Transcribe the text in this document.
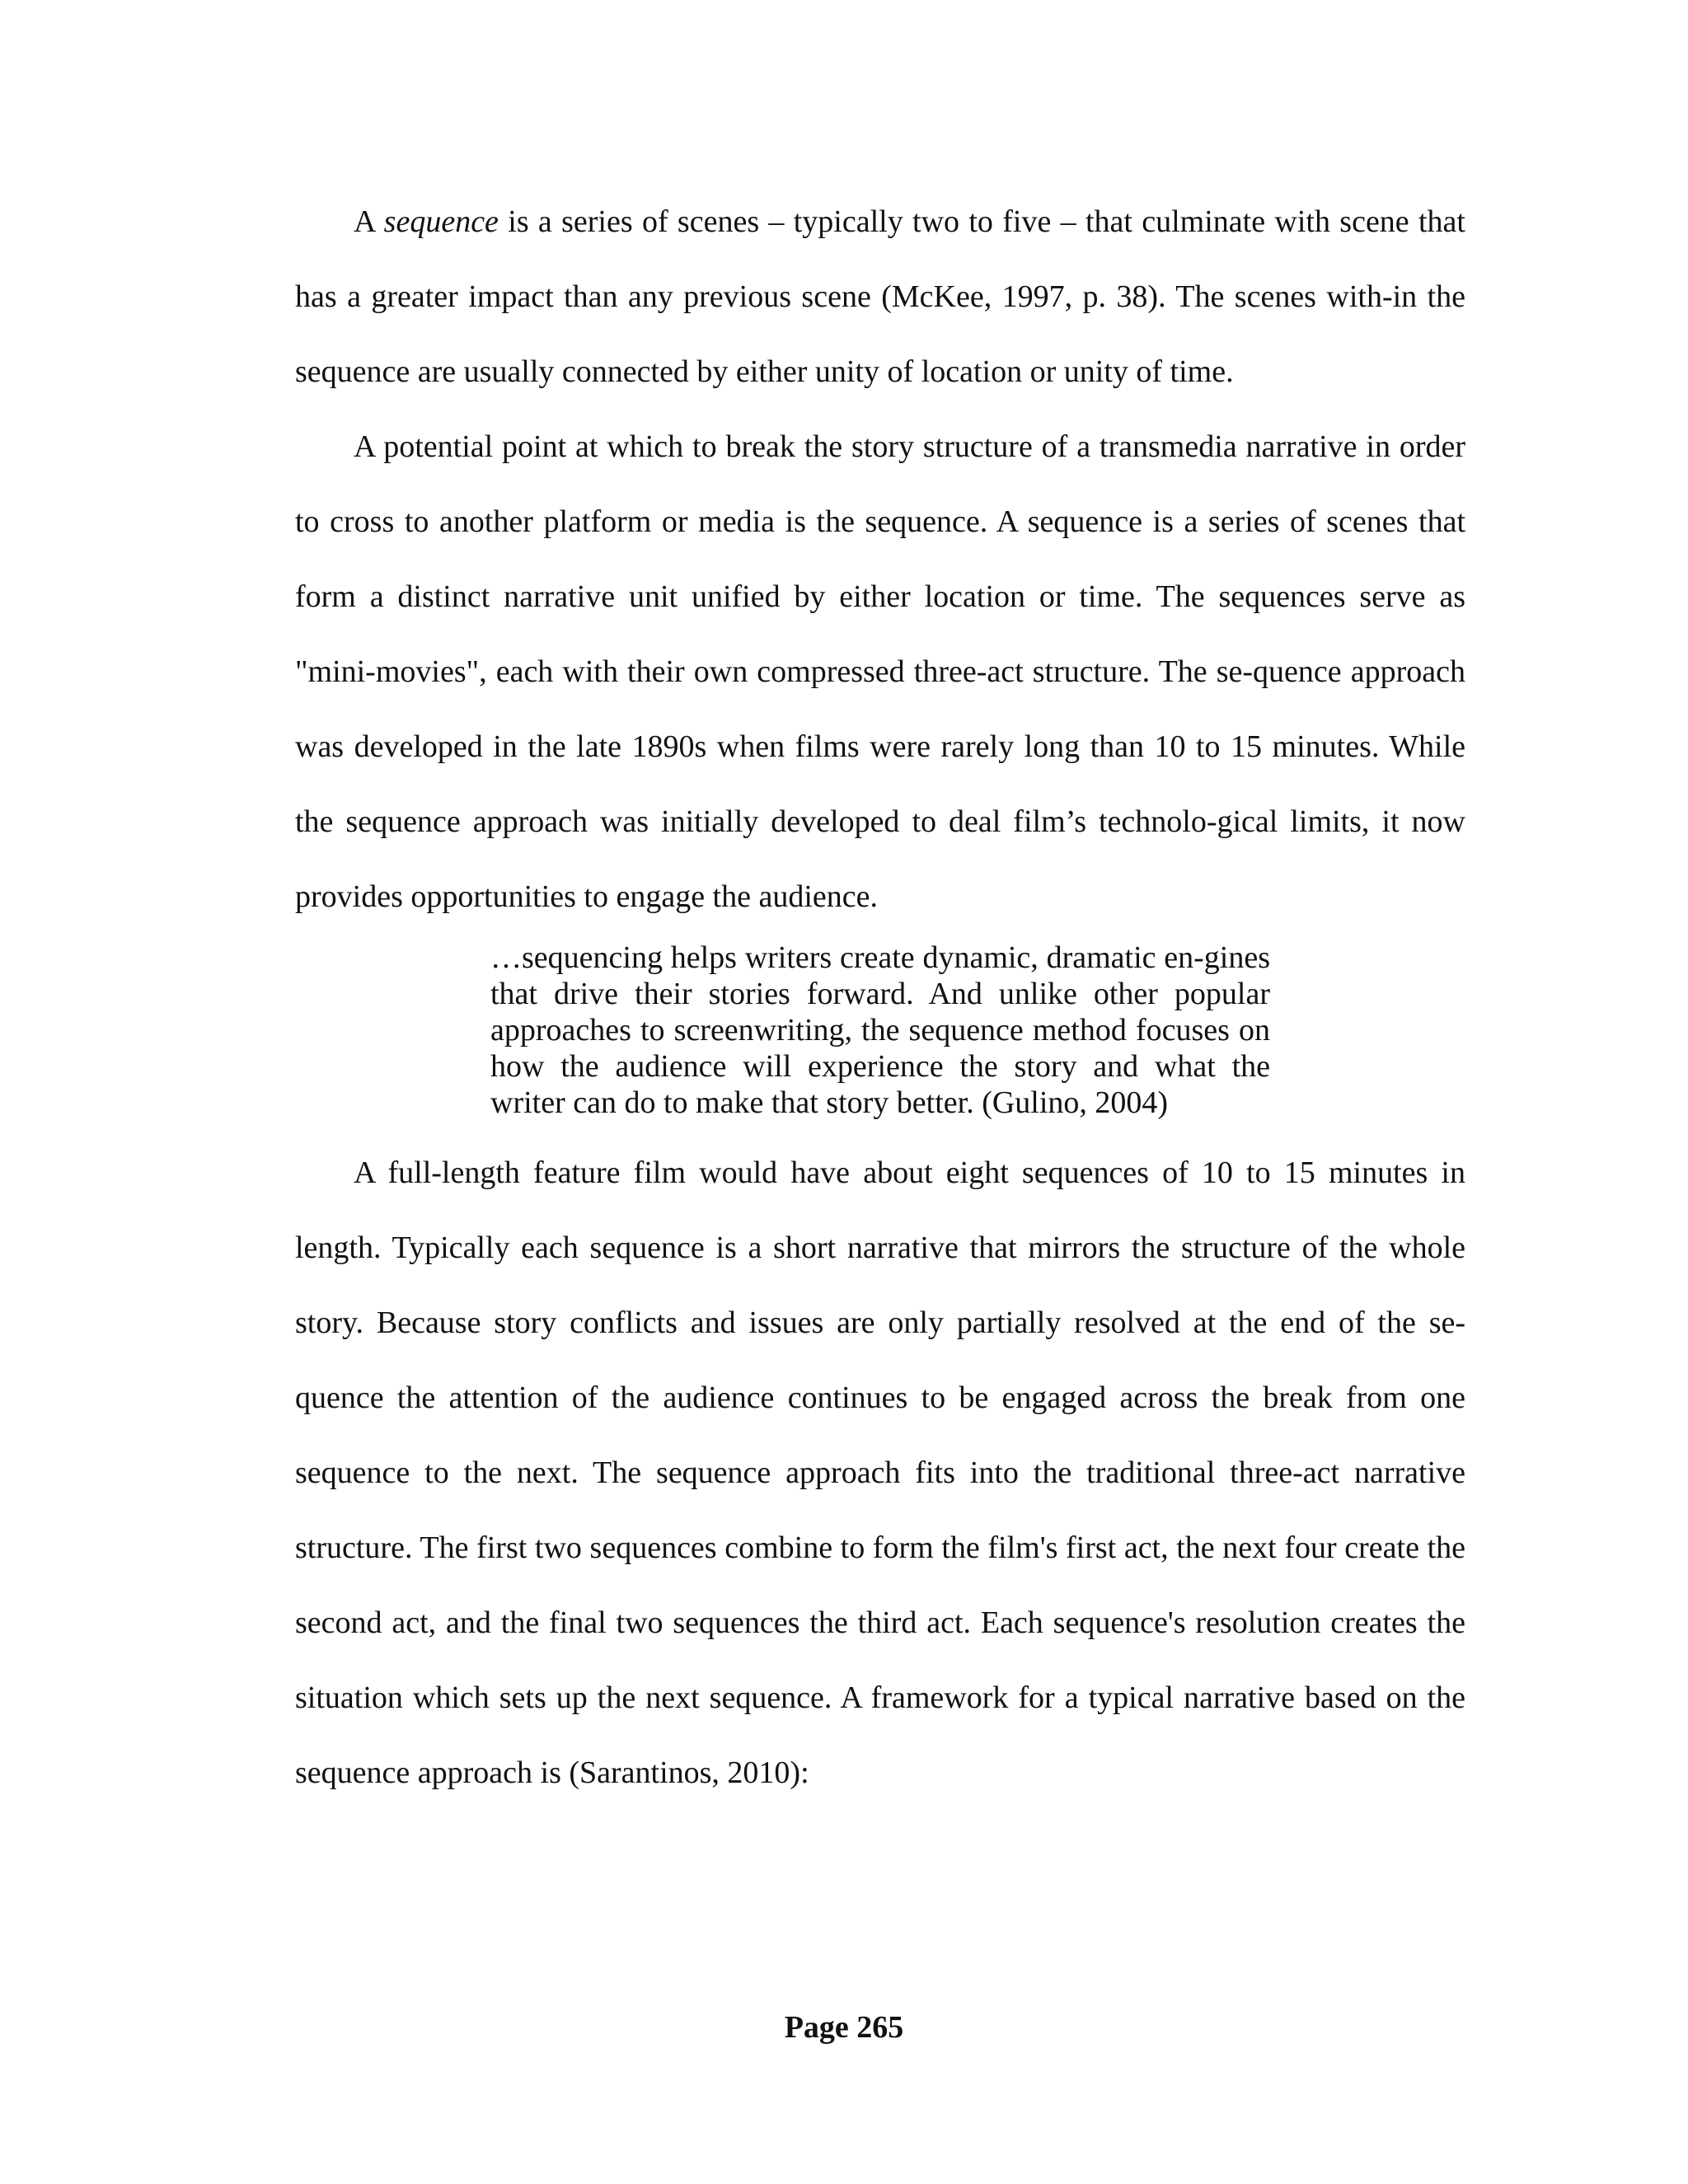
A sequence is a series of scenes – typically two to five – that culminate with scene that has a greater impact than any previous scene (McKee, 1997, p. 38). The scenes with-in the sequence are usually connected by either unity of location or unity of time.

A potential point at which to break the story structure of a transmedia narrative in order to cross to another platform or media is the sequence. A sequence is a series of scenes that form a distinct narrative unit unified by either location or time. The sequences serve as "mini-movies", each with their own compressed three-act structure. The se-quence approach was developed in the late 1890s when films were rarely long than 10 to 15 minutes. While the sequence approach was initially developed to deal film’s technolo-gical limits, it now provides opportunities to engage the audience.

…sequencing helps writers create dynamic, dramatic en-gines that drive their stories forward. And unlike other popular approaches to screenwriting, the sequence method focuses on how the audience will experience the story and what the writer can do to make that story better. (Gulino, 2004)

A full-length feature film would have about eight sequences of 10 to 15 minutes in length. Typically each sequence is a short narrative that mirrors the structure of the whole story. Because story conflicts and issues are only partially resolved at the end of the se-quence the attention of the audience continues to be engaged across the break from one sequence to the next. The sequence approach fits into the traditional three-act narrative structure. The first two sequences combine to form the film's first act, the next four create the second act, and the final two sequences the third act. Each sequence's resolution creates the situation which sets up the next sequence. A framework for a typical narrative based on the sequence approach is (Sarantinos, 2010):

Page 265
